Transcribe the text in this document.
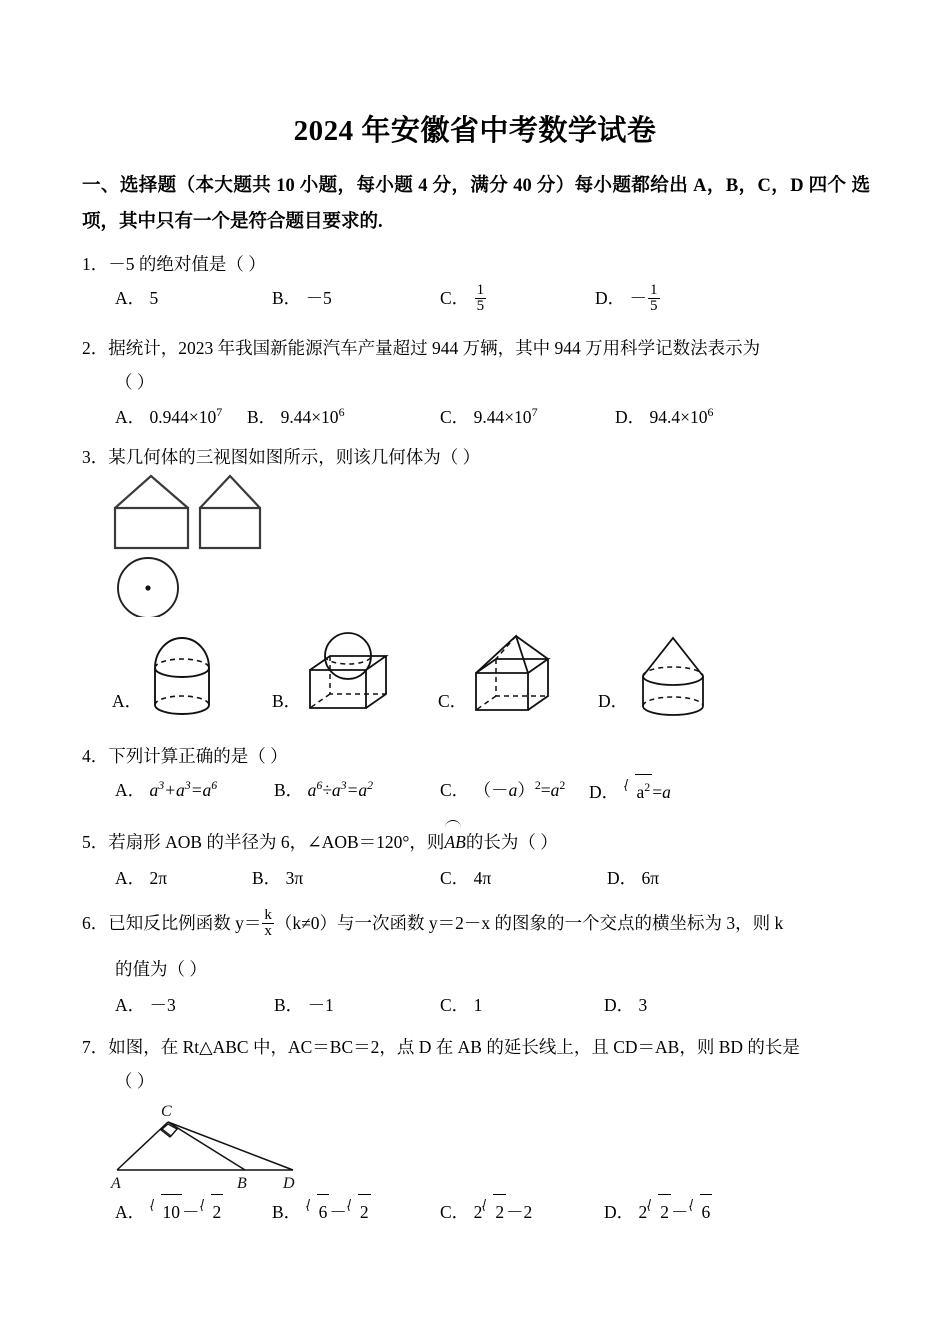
2024 年安徽省中考数学试卷
一、选择题（本大题共 10 小题，每小题 4 分，满分 40 分）每小题都给出 A，B，C，D 四个 选项，其中只有一个是符合题目要求的.
1．－5 的绝对值是（ ）
A． 5	B． －5	C． $\frac{1}{5}$	D． － $\frac{1}{5}$
2．据统计，2023 年我国新能源汽车产量超过 944 万辆，其中 944 万用科学记数法表示为
（ ）
A． $0.944\times 10^7$ B． $9.44\times 10^6$	C． $9.44\times 10^7$	D． $94.4\times 10^6$
3．某几何体的三视图如图所示，则该几何体为（ ）
A．	B．	C．	D．
4．下列计算正确的是（ ）
A． $a^3+a^3=a^6$	B． $a^6\div a^3=a^2$	C． $(-a)^2=a^2$ D． $a^2 =a$
5．若扇形 AOB 的半径为 6，∠AOB＝120°，则AB的长为（ ）
A． 2π	B． 3π	C． 4π	D． 6π
6．已知反比例函数 $y= \frac{k}{x} (k\ne 0)$与一次函数 y＝2－x 的图象的一个交点的横坐标为 3，则 k
的值为（ ）
A． －3	B． －1	C． 1	D． 3
7．如图，在 Rt△ABC 中，AC＝BC＝2，点 D 在 AB 的延长线上，且 CD＝AB，则 BD 的长是
（ ）
C
A	B D
A． 10 － 2	B． 6 － 2	C． 2 2 －2	D． 2 2 － 6
